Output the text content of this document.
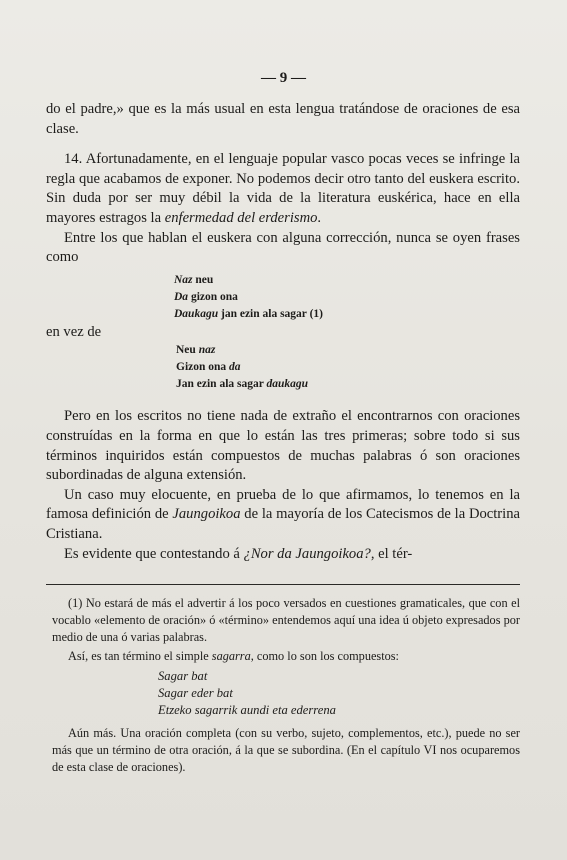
— 9 —

do el padre,» que es la más usual en esta lengua tratándose de oraciones de esa clase.

14. Afortunadamente, en el lenguaje popular vasco pocas veces se infringe la regla que acabamos de exponer. No podemos decir otro tanto del euskera escrito. Sin duda por ser muy débil la vida de la literatura euskérica, hace en ella mayores estragos la enfermedad del erderismo.

Entre los que hablan el euskera con alguna corrección, nunca se oyen frases como

Naz neu
Da gizon ona
Daukagu jan ezin ala sagar (1)

en vez de

Neu naz
Gizon ona da
Jan ezin ala sagar daukagu

Pero en los escritos no tiene nada de extraño el encontrarnos con oraciones construídas en la forma en que lo están las tres primeras; sobre todo si sus términos inquiridos están compuestos de muchas palabras ó son oraciones subordinadas de alguna extensión.

Un caso muy elocuente, en prueba de lo que afirmamos, lo tenemos en la famosa definición de Jaungoikoa de la mayoría de los Catecismos de la Doctrina Cristiana.

Es evidente que contestando á ¿Nor da Jaungoikoa?, el tér-

(1) No estará de más el advertir á los poco versados en cuestiones gramaticales, que con el vocablo «elemento de oración» ó «término» entendemos aquí una idea ú objeto expresados por medio de una ó varias palabras.

Así, es tan término el simple sagarra, como lo son los compuestos:

Sagar bat
Sagar eder bat
Etzeko sagarrik aundi eta ederrena

Aún más. Una oración completa (con su verbo, sujeto, complementos, etc.), puede no ser más que un término de otra oración, á la que se subordina. (En el capítulo VI nos ocuparemos de esta clase de oraciones).
